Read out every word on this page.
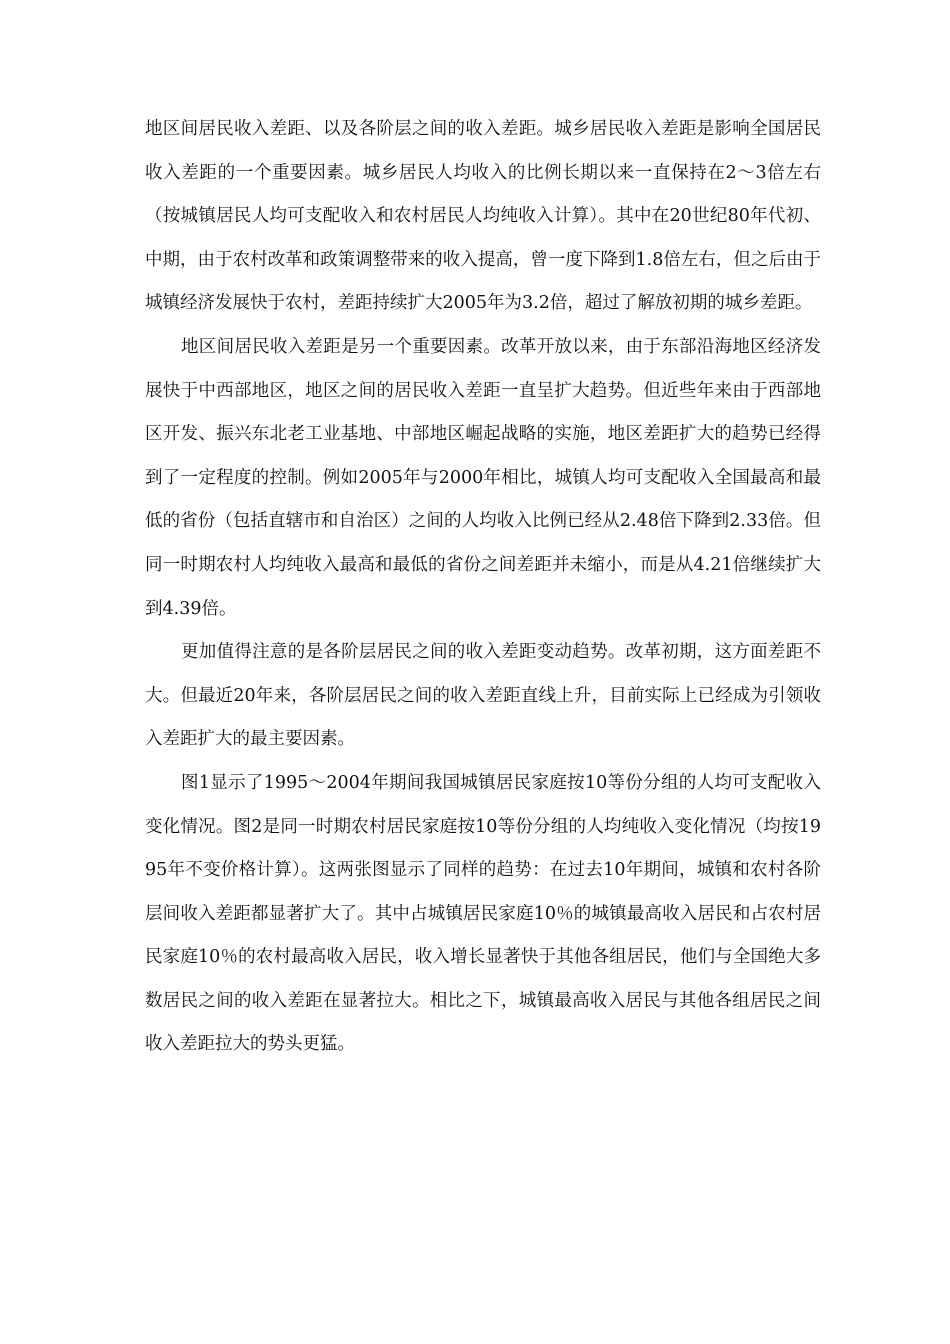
地区间居民收入差距、以及各阶层之间的收入差距。城乡居民收入差距是影响全国居民收入差距的一个重要因素。城乡居民人均收入的比例长期以来一直保持在2～3倍左右（按城镇居民人均可支配收入和农村居民人均纯收入计算）。其中在20世纪80年代初、中期，由于农村改革和政策调整带来的收入提高，曾一度下降到1.8倍左右，但之后由于城镇经济发展快于农村，差距持续扩大2005年为3.2倍，超过了解放初期的城乡差距。

地区间居民收入差距是另一个重要因素。改革开放以来，由于东部沿海地区经济发展快于中西部地区，地区之间的居民收入差距一直呈扩大趋势。但近些年来由于西部地区开发、振兴东北老工业基地、中部地区崛起战略的实施，地区差距扩大的趋势已经得到了一定程度的控制。例如2005年与2000年相比，城镇人均可支配收入全国最高和最低的省份（包括直辖市和自治区）之间的人均收入比例已经从2.48倍下降到2.33倍。但同一时期农村人均纯收入最高和最低的省份之间差距并未缩小，而是从4.21倍继续扩大到4.39倍。

更加值得注意的是各阶层居民之间的收入差距变动趋势。改革初期，这方面差距不大。但最近20年来，各阶层居民之间的收入差距直线上升，目前实际上已经成为引领收入差距扩大的最主要因素。

图1显示了1995～2004年期间我国城镇居民家庭按10等份分组的人均可支配收入变化情况。图2是同一时期农村居民家庭按10等份分组的人均纯收入变化情况（均按1995年不变价格计算）。这两张图显示了同样的趋势：在过去10年期间，城镇和农村各阶层间收入差距都显著扩大了。其中占城镇居民家庭10％的城镇最高收入居民和占农村居民家庭10％的农村最高收入居民，收入增长显著快于其他各组居民，他们与全国绝大多数居民之间的收入差距在显著拉大。相比之下，城镇最高收入居民与其他各组居民之间收入差距拉大的势头更猛。
